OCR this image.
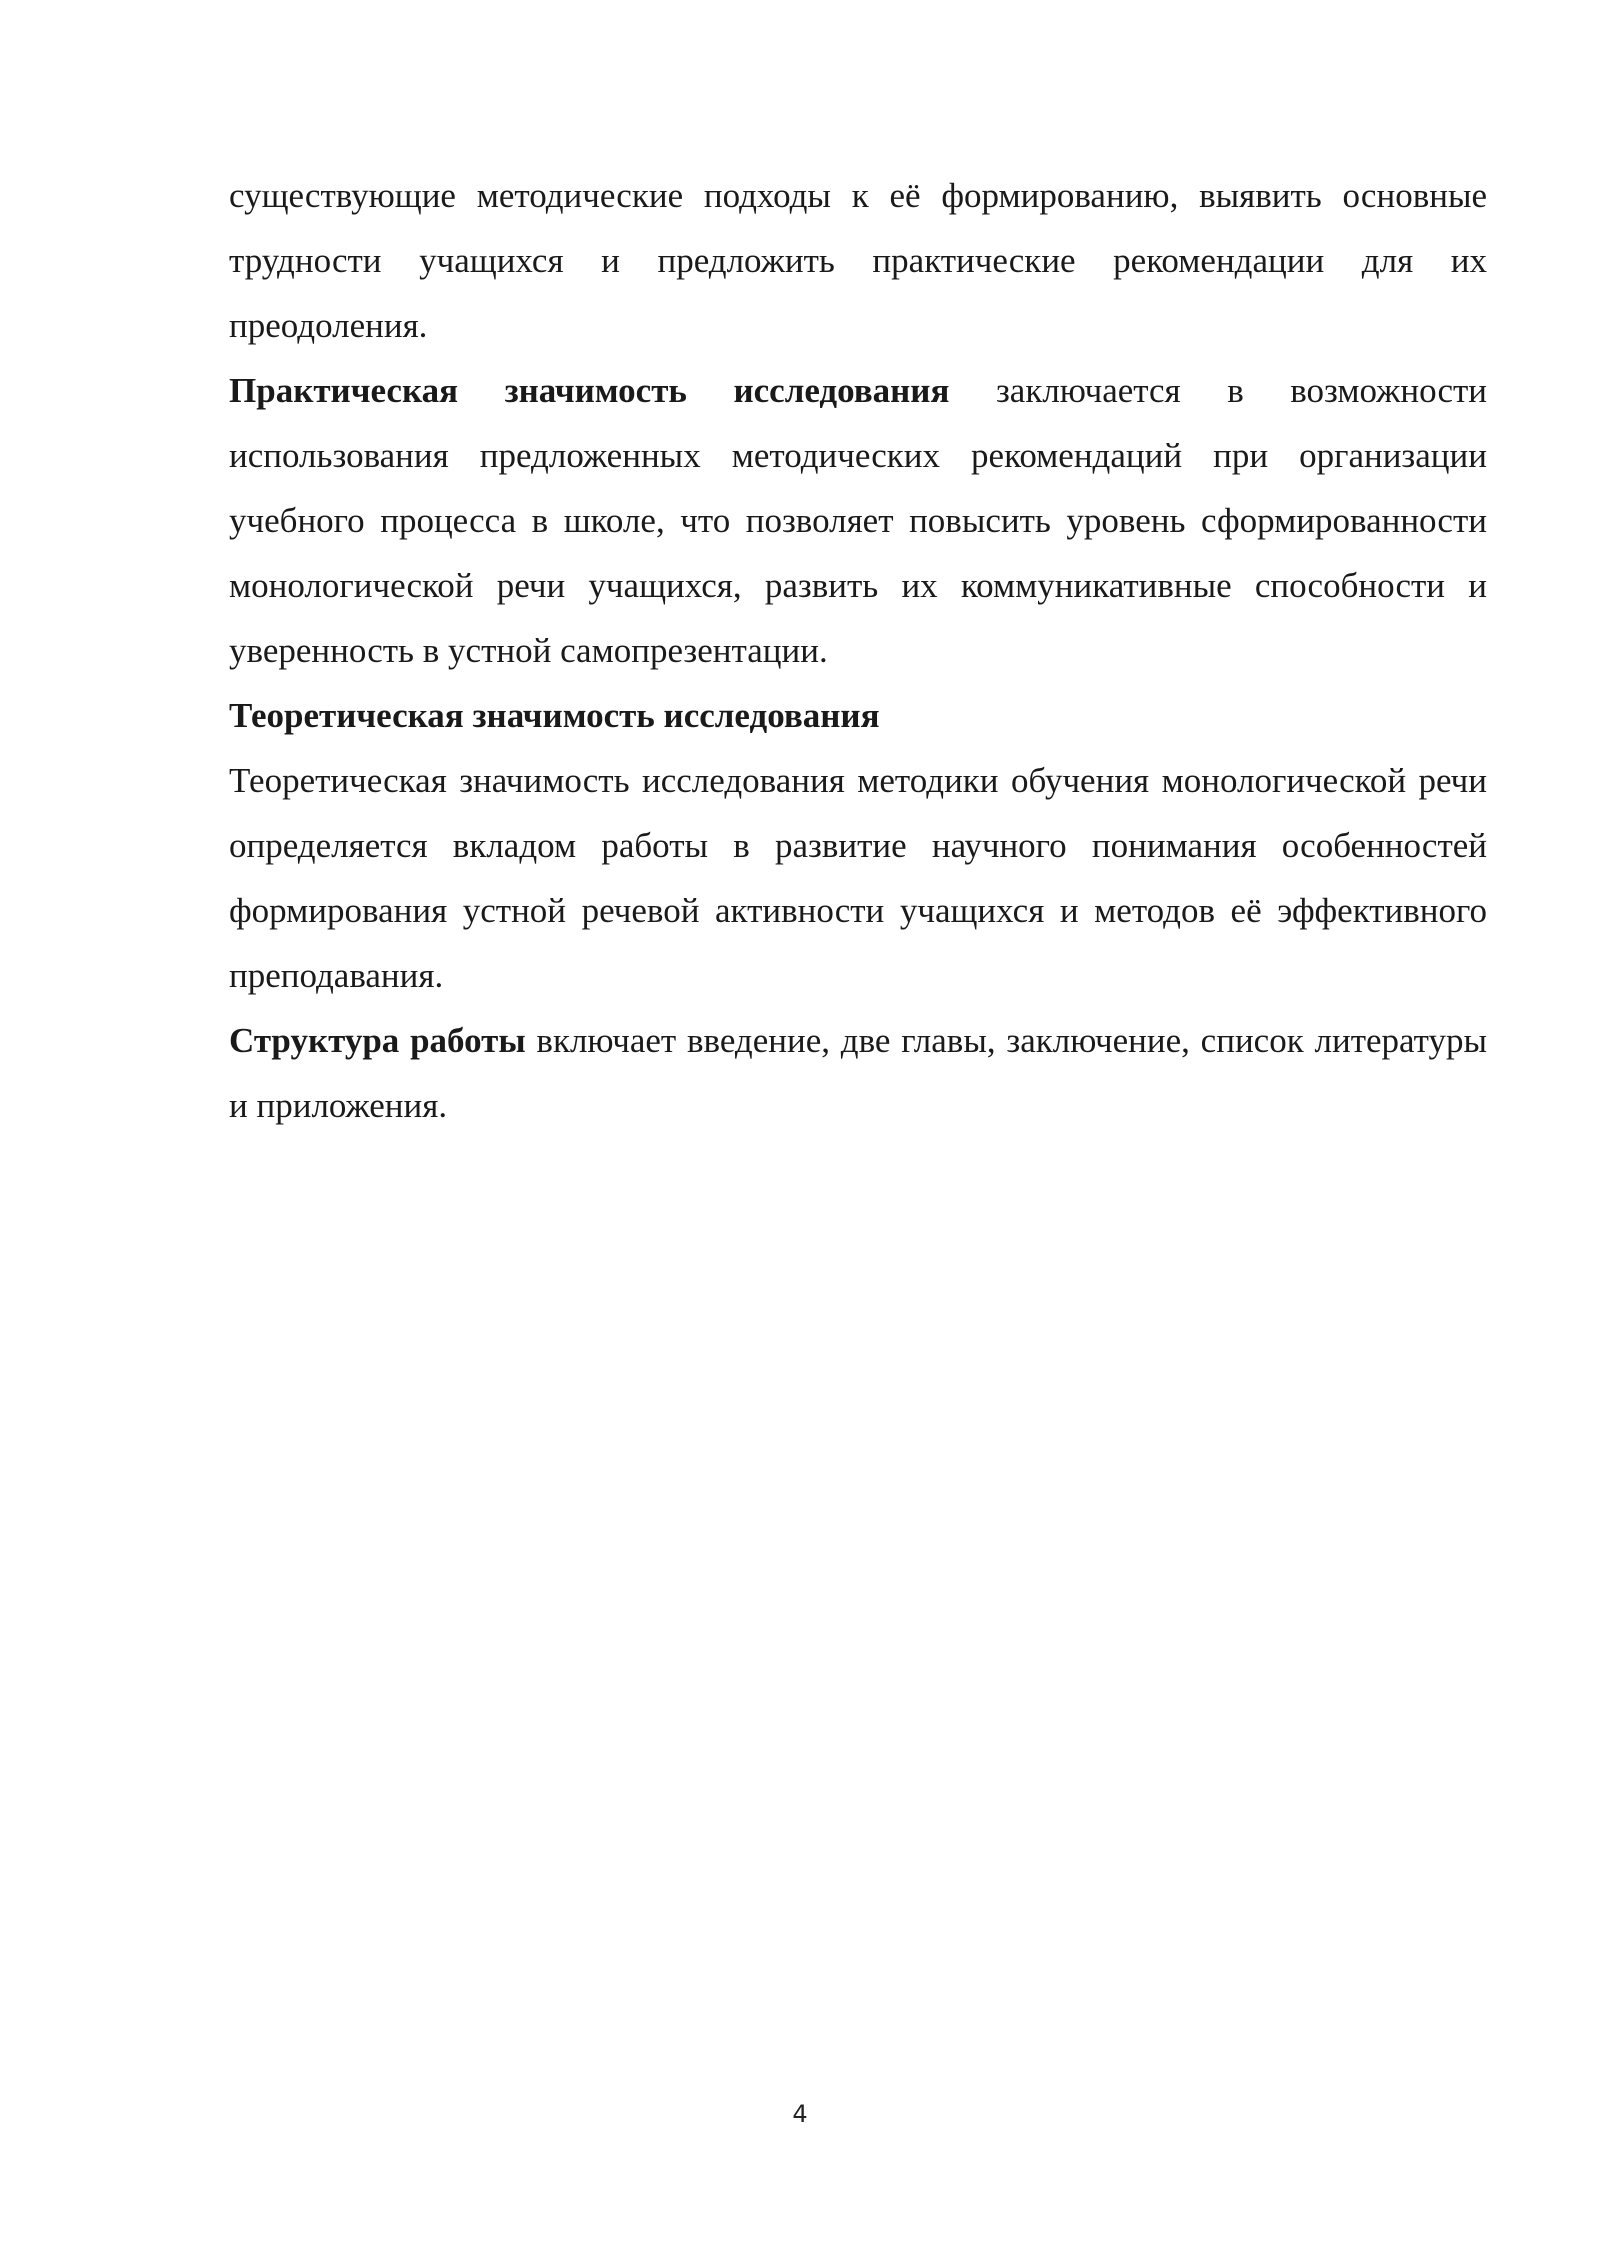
существующие методические подходы к её формированию, выявить основные трудности учащихся и предложить практические рекомендации для их преодоления.

Практическая значимость исследования заключается в возможности использования предложенных методических рекомендаций при организации учебного процесса в школе, что позволяет повысить уровень сформированности монологической речи учащихся, развить их коммуникативные способности и уверенность в устной самопрезентации.

Теоретическая значимость исследования

Теоретическая значимость исследования методики обучения монологической речи определяется вкладом работы в развитие научного понимания особенностей формирования устной речевой активности учащихся и методов её эффективного преподавания.

Структура работы включает введение, две главы, заключение, список литературы и приложения.

4
